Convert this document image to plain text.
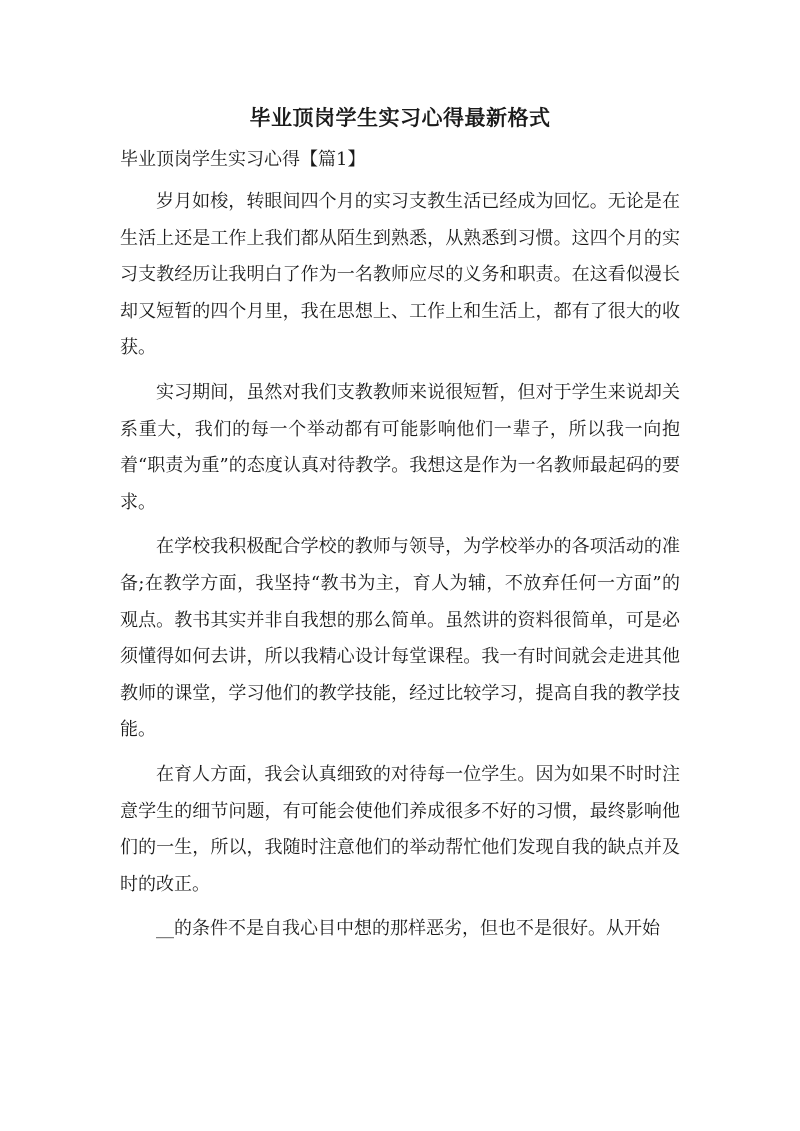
毕业顶岗学生实习心得最新格式
毕业顶岗学生实习心得【篇1】

岁月如梭，转眼间四个月的实习支教生活已经成为回忆。无论是在生活上还是工作上我们都从陌生到熟悉，从熟悉到习惯。这四个月的实习支教经历让我明白了作为一名教师应尽的义务和职责。在这看似漫长却又短暂的四个月里，我在思想上、工作上和生活上，都有了很大的收获。

实习期间，虽然对我们支教教师来说很短暂，但对于学生来说却关系重大，我们的每一个举动都有可能影响他们一辈子，所以我一向抱着“职责为重”的态度认真对待教学。我想这是作为一名教师最起码的要求。

在学校我积极配合学校的教师与领导，为学校举办的各项活动的准备;在教学方面，我坚持“教书为主，育人为辅，不放弃任何一方面”的观点。教书其实并非自我想的那么简单。虽然讲的资料很简单，可是必须懂得如何去讲，所以我精心设计每堂课程。我一有时间就会走进其他教师的课堂，学习他们的教学技能，经过比较学习，提高自我的教学技能。

在育人方面，我会认真细致的对待每一位学生。因为如果不时时注意学生的细节问题，有可能会使他们养成很多不好的习惯，最终影响他们的一生，所以，我随时注意他们的举动帮忙他们发现自我的缺点并及时的改正。

__的条件不是自我心目中想的那样恶劣，但也不是很好。从开始
